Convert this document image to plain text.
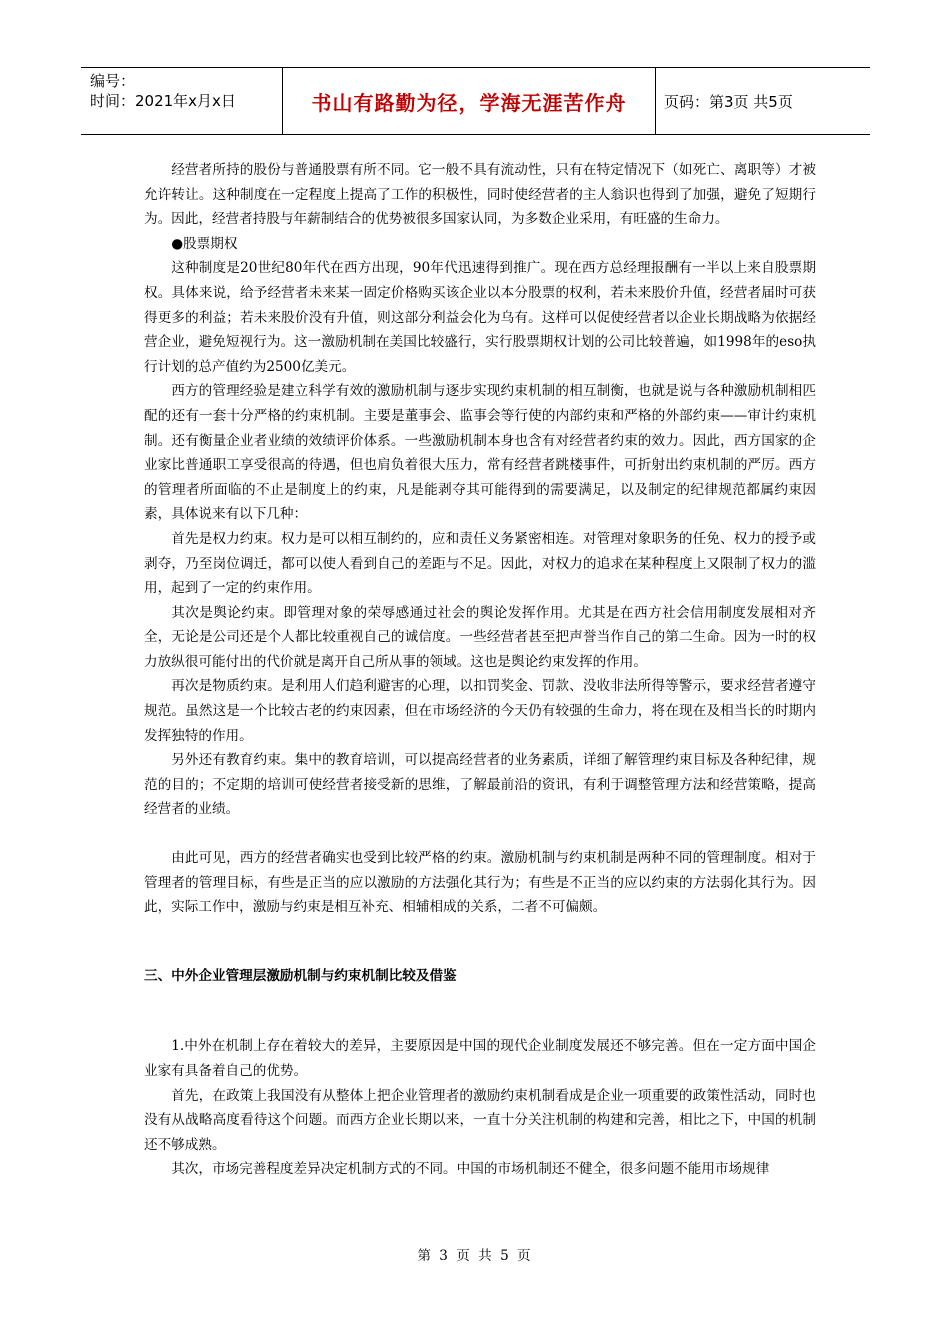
编号：
时间：2021年x月x日	书山有路勤为径，学海无涯苦作舟	页码：第3页 共5页

经营者所持的股份与普通股票有所不同。它一般不具有流动性，只有在特定情况下（如死亡、离职等）才被允许转让。这种制度在一定程度上提高了工作的积极性，同时使经营者的主人翁识也得到了加强，避免了短期行为。因此，经营者持股与年薪制结合的优势被很多国家认同，为多数企业采用，有旺盛的生命力。

●股票期权

这种制度是20世纪80年代在西方出现，90年代迅速得到推广。现在西方总经理报酬有一半以上来自股票期权。具体来说，给予经营者未来某一固定价格购买该企业以本分股票的权利，若未来股价升值，经营者届时可获得更多的利益；若未来股价没有升值，则这部分利益会化为乌有。这样可以促使经营者以企业长期战略为依据经营企业，避免短视行为。这一激励机制在美国比较盛行，实行股票期权计划的公司比较普遍，如1998年的eso执行计划的总产值约为2500亿美元。

西方的管理经验是建立科学有效的激励机制与逐步实现约束机制的相互制衡，也就是说与各种激励机制相匹配的还有一套十分严格的约束机制。主要是董事会、监事会等行使的内部约束和严格的外部约束——审计约束机制。还有衡量企业者业绩的效绩评价体系。一些激励机制本身也含有对经营者约束的效力。因此，西方国家的企业家比普通职工享受很高的待遇，但也肩负着很大压力，常有经营者跳楼事件，可折射出约束机制的严厉。西方的管理者所面临的不止是制度上的约束，凡是能剥夺其可能得到的需要满足，以及制定的纪律规范都属约束因素，具体说来有以下几种：

首先是权力约束。权力是可以相互制约的，应和责任义务紧密相连。对管理对象职务的任免、权力的授予或剥夺，乃至岗位调迁，都可以使人看到自己的差距与不足。因此，对权力的追求在某种程度上又限制了权力的滥用，起到了一定的约束作用。

其次是舆论约束。即管理对象的荣辱感通过社会的舆论发挥作用。尤其是在西方社会信用制度发展相对齐全，无论是公司还是个人都比较重视自己的诚信度。一些经营者甚至把声誉当作自己的第二生命。因为一时的权力放纵很可能付出的代价就是离开自己所从事的领域。这也是舆论约束发挥的作用。

再次是物质约束。是利用人们趋利避害的心理，以扣罚奖金、罚款、没收非法所得等警示，要求经营者遵守规范。虽然这是一个比较古老的约束因素，但在市场经济的今天仍有较强的生命力，将在现在及相当长的时期内发挥独特的作用。

另外还有教育约束。集中的教育培训，可以提高经营者的业务素质，详细了解管理约束目标及各种纪律，规范的目的；不定期的培训可使经营者接受新的思维，了解最前沿的资讯，有利于调整管理方法和经营策略，提高经营者的业绩。

由此可见，西方的经营者确实也受到比较严格的约束。激励机制与约束机制是两种不同的管理制度。相对于管理者的管理目标，有些是正当的应以激励的方法强化其行为；有些是不正当的应以约束的方法弱化其行为。因此，实际工作中，激励与约束是相互补充、相辅相成的关系，二者不可偏颇。

三、中外企业管理层激励机制与约束机制比较及借鉴

1.中外在机制上存在着较大的差异，主要原因是中国的现代企业制度发展还不够完善。但在一定方面中国企业家有具备着自己的优势。

首先，在政策上我国没有从整体上把企业管理者的激励约束机制看成是企业一项重要的政策性活动，同时也没有从战略高度看待这个问题。而西方企业长期以来，一直十分关注机制的构建和完善，相比之下，中国的机制还不够成熟。

其次，市场完善程度差异决定机制方式的不同。中国的市场机制还不健全，很多问题不能用市场规律

第 3 页 共 5 页
